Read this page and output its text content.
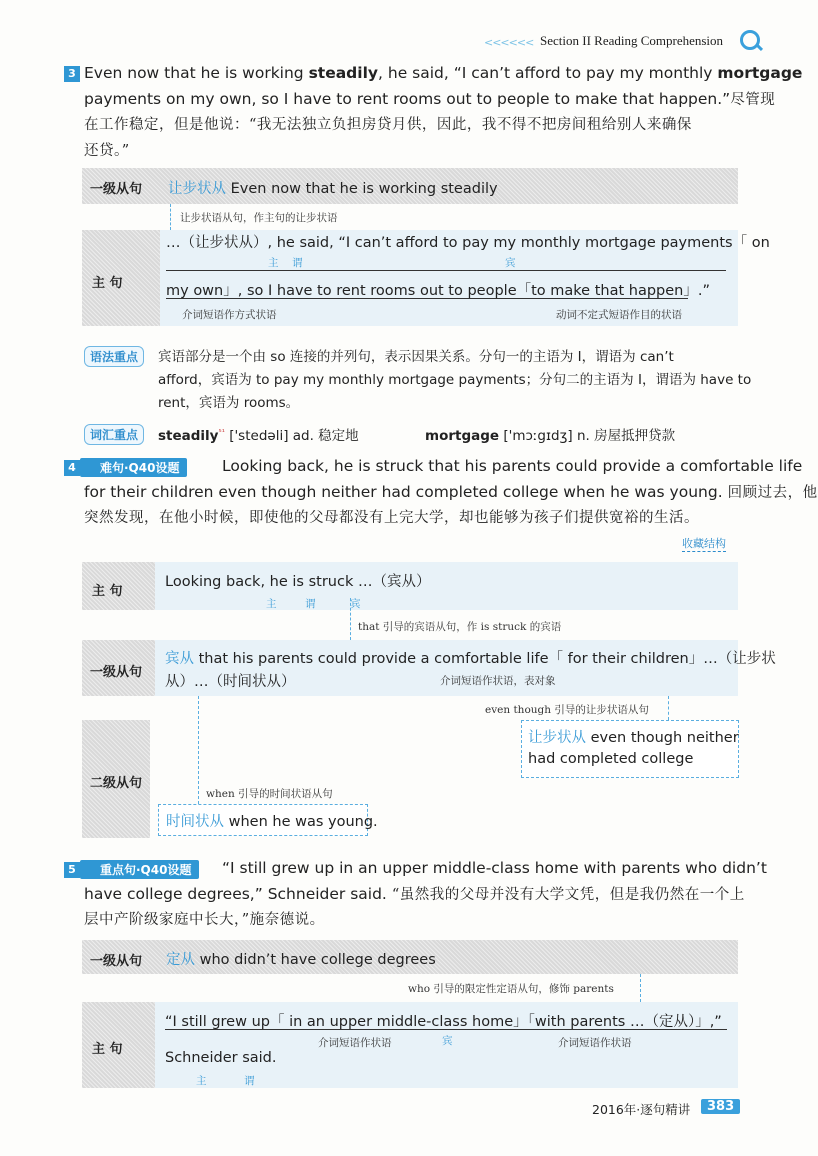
<<<<<< Section II Reading Comprehension
3 Even now that he is working steadily, he said, “I can’t afford to pay my monthly mortgage
payments on my own, so I have to rent rooms out to people to make that happen.”尽管现
在工作稳定，但是他说：“我无法独立负担房贷月供，因此，我不得不把房间租给别人来确保
还贷。”
一级从句 让步状从 Even now that he is working steadily
让步状语从句，作主句的让步状语
主 句
…（让步状从）, he said, “I can’t afford to pay my monthly mortgage payments「 on
主 谓	宾
my own」, so I have to rent rooms out to people「to make that happen」.”
介词短语作方式状语	动词不定式短语作目的状语
语法重点	宾语部分是一个由 so 连接的并列句，表示因果关系。分句一的主语为 I，谓语为 can’t
afford，宾语为 to pay my monthly mortgage payments；分句二的主语为 I，谓语为 have to
rent，宾语为 rooms。
词汇重点	steadily$^{^{51}}$ ['stedəli] ad. 稳定地	mortgage ['mɔːgɪdʒ] n. 房屋抵押贷款
4	难句·Q40设题	Looking back, he is struck that his parents could provide a comfortable life
for their children even though neither had completed college when he was young. 回顾过去，他
突然发现，在他小时候，即使他的父母都没有上完大学，却也能够为孩子们提供宽裕的生活。
收藏结构
主 句
Looking back, he is struck …（宾从）
主	谓	宾
that 引导的宾语从句，作 is struck 的宾语
一级从句
宾从 that his parents could provide a comfortable life「 for their children」…（让步状
从）…（时间状从）	介词短语作状语，表对象
even though 引导的让步状语从句
二级从句
让步状从 even though neither
had completed college
when 引导的时间状语从句
时间状从 when he was young.
5	重点句·Q40设题	“I still grew up in an upper middle-class home with parents who didn’t
have college degrees,” Schneider said. “虽然我的父母并没有大学文凭，但是我仍然在一个上
层中产阶级家庭中长大，”施奈德说。
一级从句 定从 who didn’t have college degrees
who 引导的限定性定语从句，修饰 parents
主 句
“I still grew up「 in an upper middle-class home」「with parents …（定从）」,”
介词短语作状语	宾	介词短语作状语
Schneider said.
主	谓
2016年·逐句精讲	383
